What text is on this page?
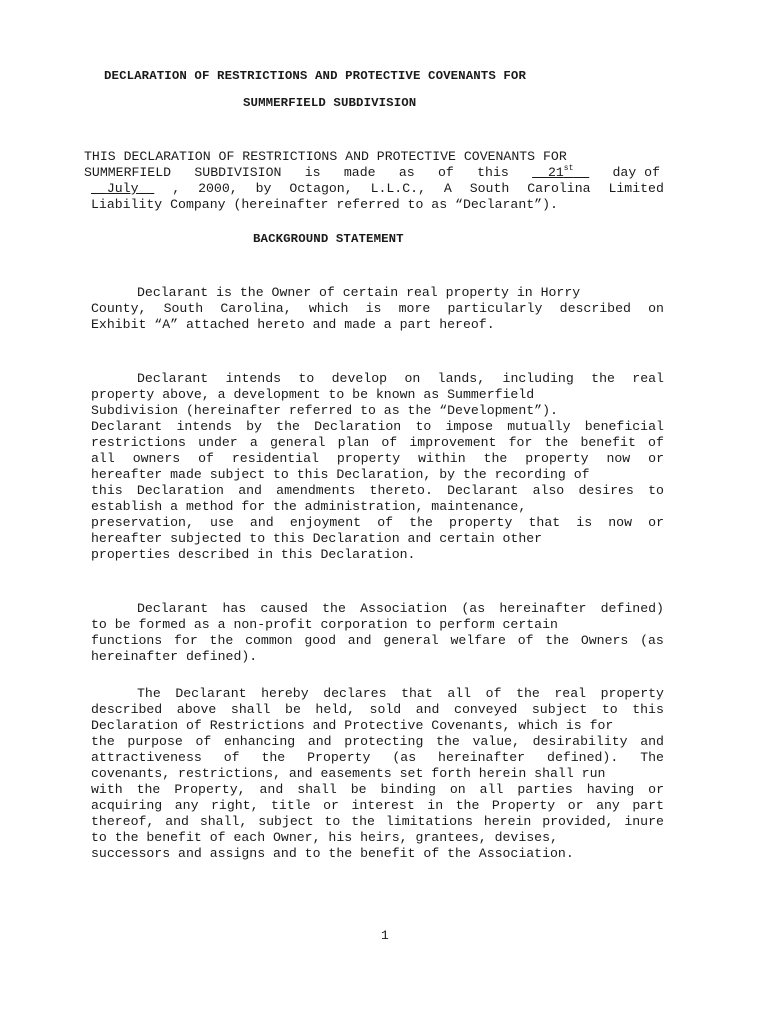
DECLARATION OF RESTRICTIONS AND PROTECTIVE COVENANTS FOR
SUMMERFIELD SUBDIVISION
THIS DECLARATION OF RESTRICTIONS AND PROTECTIVE COVENANTS FOR
SUMMERFIELD SUBDIVISION is made as of this	21st	day of
July	, 2000, by Octagon, L.L.C., A South Carolina Limited
Liability Company (hereinafter referred to as “Declarant”).
BACKGROUND STATEMENT
Declarant is the Owner of certain real property in Horry
County, South Carolina, which is more particularly described on
Exhibit “A” attached hereto and made a part hereof.
Declarant intends to develop on lands, including the real
property above, a development to be known as Summerfield
Subdivision (hereinafter referred to as the “Development”).
Declarant intends by the Declaration to impose mutually beneficial
restrictions under a general plan of improvement for the benefit of
all owners of residential property within the property now or
hereafter made subject to this Declaration, by the recording of
this Declaration and amendments thereto. Declarant also desires to
establish a method for the administration, maintenance,
preservation, use and enjoyment of the property that is now or
hereafter subjected to this Declaration and certain other
properties described in this Declaration.
Declarant has caused the Association (as hereinafter defined)
to be formed as a non-profit corporation to perform certain
functions for the common good and general welfare of the Owners (as
hereinafter defined).
The Declarant hereby declares that all of the real property
described above shall be held, sold and conveyed subject to this
Declaration of Restrictions and Protective Covenants, which is for
the purpose of enhancing and protecting the value, desirability and
attractiveness of the Property (as hereinafter defined). The
covenants, restrictions, and easements set forth herein shall run
with the Property, and shall be binding on all parties having or
acquiring any right, title or interest in the Property or any part
thereof, and shall, subject to the limitations herein provided, inure
to the benefit of each Owner, his heirs, grantees, devises,
successors and assigns and to the benefit of the Association.
1
